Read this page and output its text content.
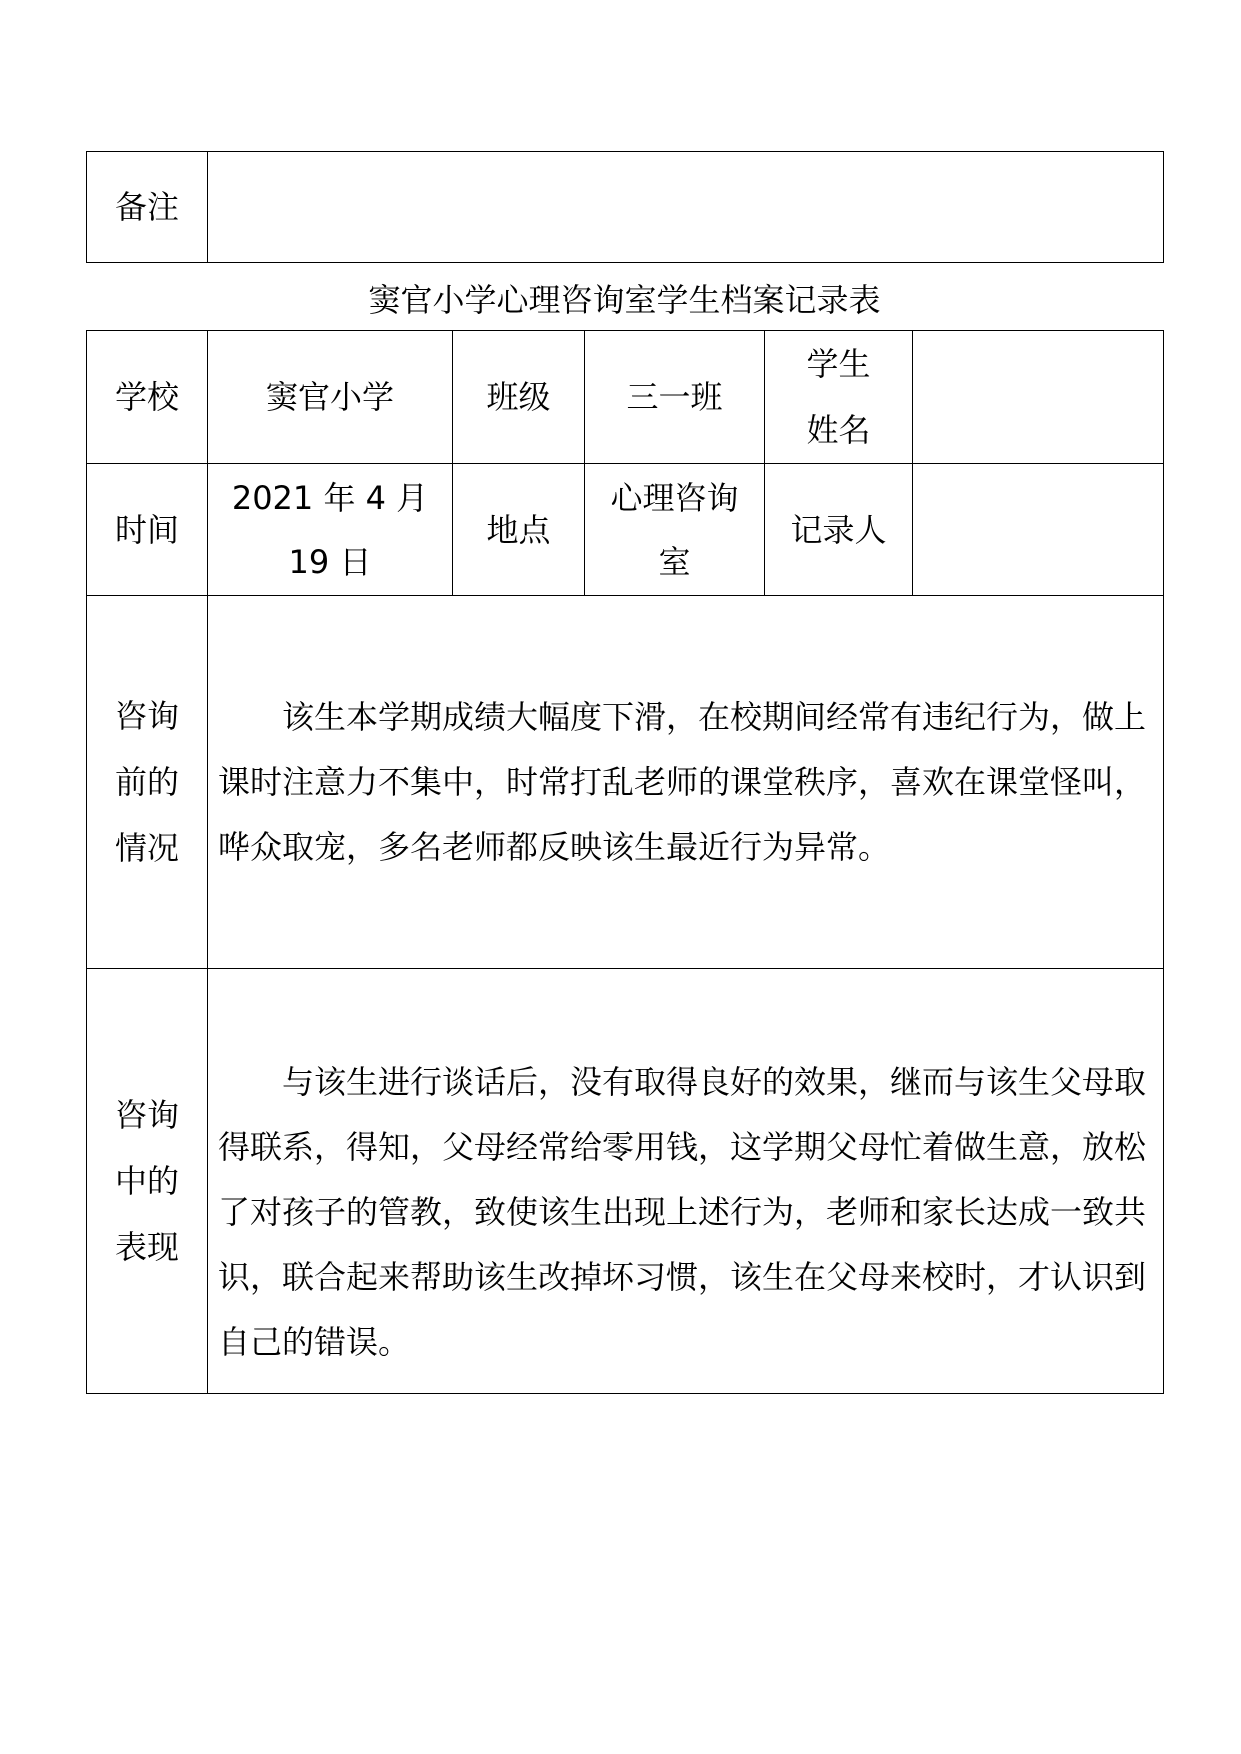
备注	
窦官小学心理咨询室学生档案记录表
学校	窦官小学	班级	三一班	学生姓名	
时间	2021 年 4 月 19 日	地点	心理咨询室	记录人	
咨询前的情况	该生本学期成绩大幅度下滑，在校期间经常有违纪行为，做上课时注意力不集中，时常打乱老师的课堂秩序，喜欢在课堂怪叫，哗众取宠，多名老师都反映该生最近行为异常。				
咨询中的表现	与该生进行谈话后，没有取得良好的效果，继而与该生父母取得联系，得知，父母经常给零用钱，这学期父母忙着做生意，放松了对孩子的管教，致使该生出现上述行为，老师和家长达成一致共识，联合起来帮助该生改掉坏习惯，该生在父母来校时，才认识到自己的错误。				
